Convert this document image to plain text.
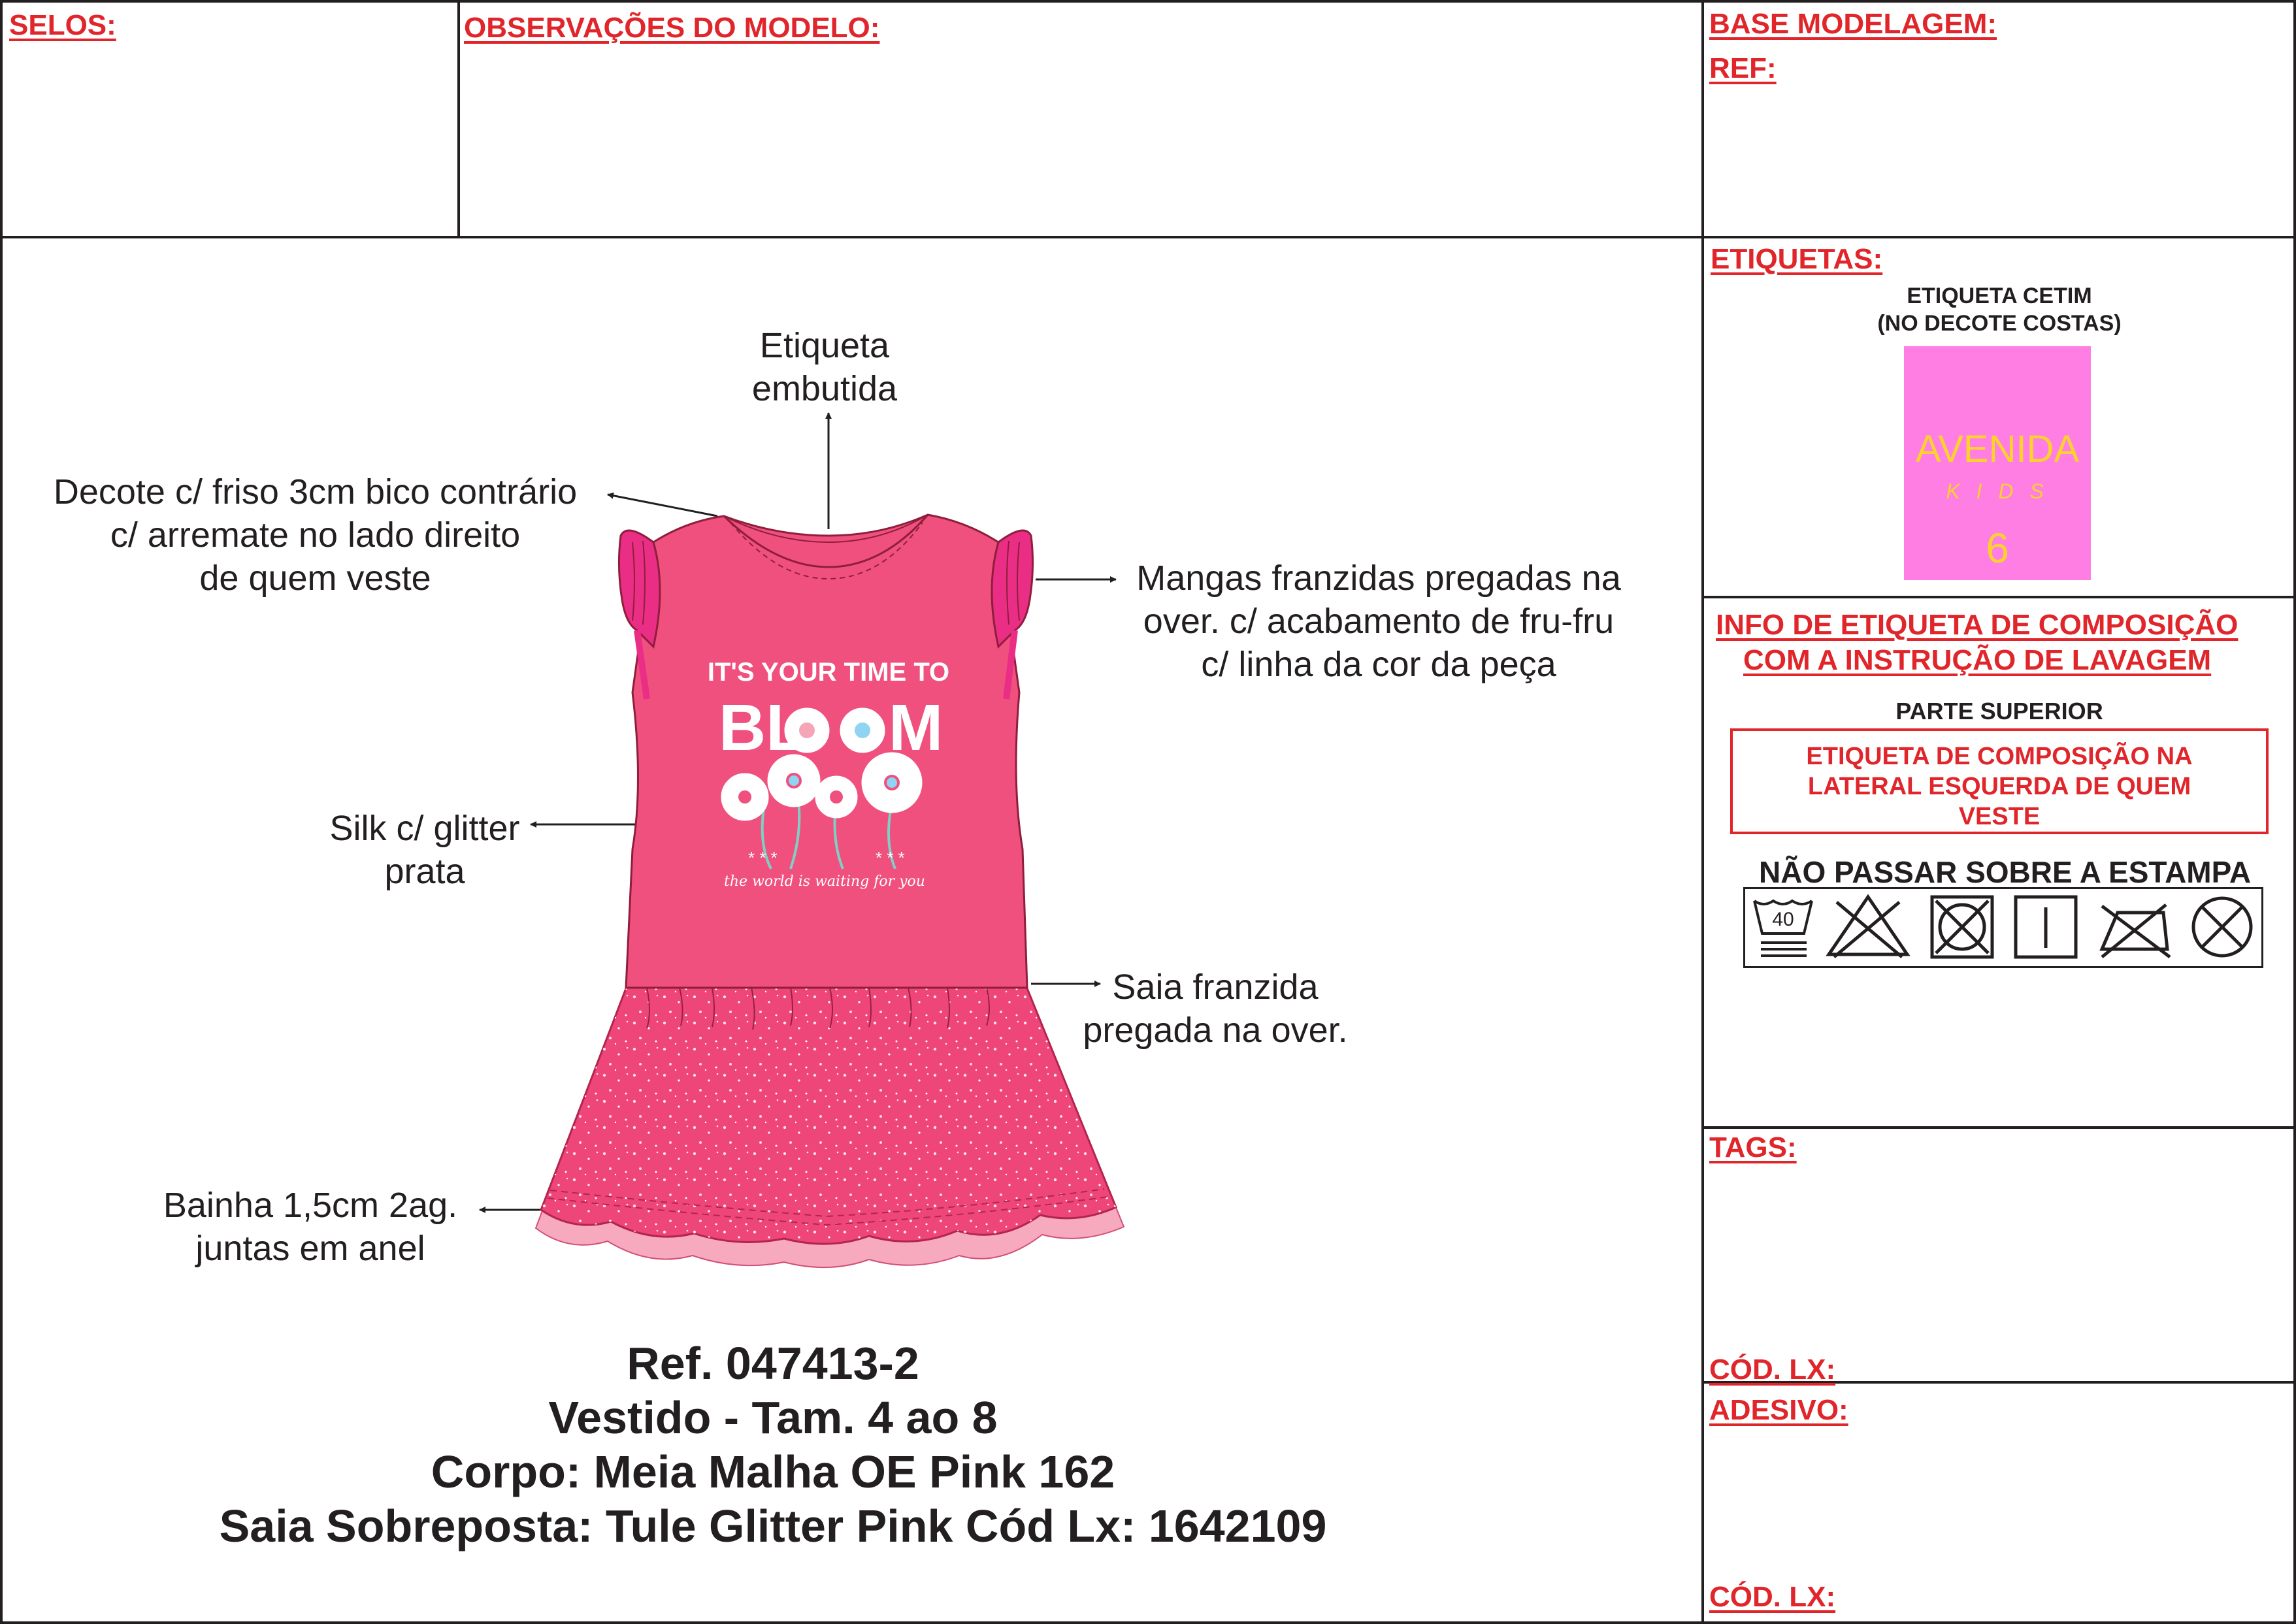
SELOS:	OBSERVAÇÕES DO MODELO:	BASE MODELAGEM:
REF:
Etiqueta
embutida
Decote c/ friso 3cm bico contrário
c/ arremate no lado direito
de quem veste	Mangas franzidas pregadas na
over. c/ acabamento de fru-fru
c/ linha da cor da peça
Silk c/ glitter
prata
Saia franzida
pregada na over.
Bainha 1,5cm 2ag.
juntas em anel
* * *	* * *
IT'S YOUR TIME TO
BL M
the world is waiting for you
Ref. 047413-2
Vestido - Tam. 4 ao 8
Corpo: Meia Malha OE Pink 162
Saia Sobreposta: Tule Glitter Pink Cód Lx: 1642109
ETIQUETAS:
ETIQUETA CETIM
(NO DECOTE COSTAS)
AVENIDA
K I D S
6
INFO DE ETIQUETA DE COMPOSIÇÃO
COM A INSTRUÇÃO DE LAVAGEM
PARTE SUPERIOR
ETIQUETA DE COMPOSIÇÃO NA
LATERAL ESQUERDA DE QUEM
VESTE
NÃO PASSAR SOBRE A ESTAMPA
40
TAGS:
CÓD. LX:
ADESIVO:
CÓD. LX:
